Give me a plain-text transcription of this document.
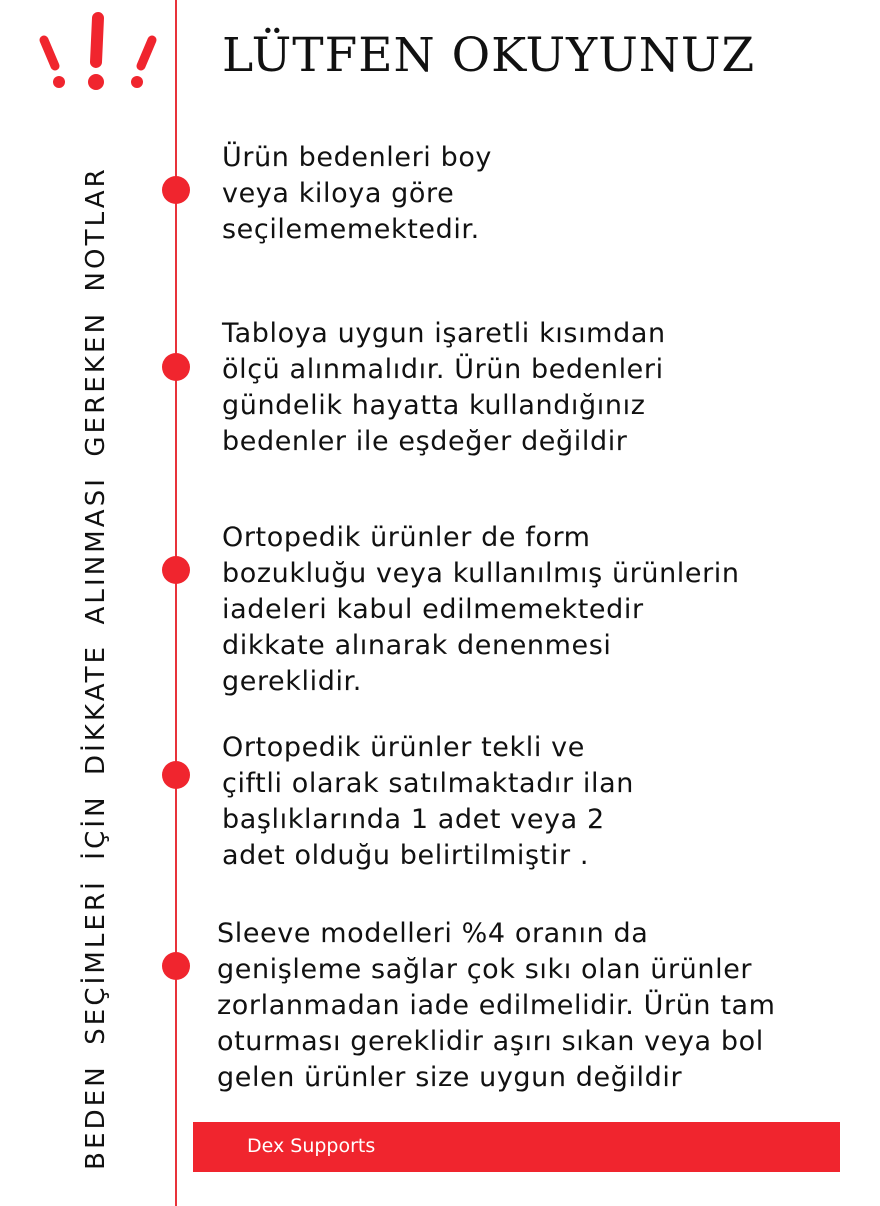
LÜTFEN OKUYUNUZ

Ürün bedenleri boy
veya kiloya göre
seçilememektedir.

Tabloya uygun işaretli kısımdan
ölçü alınmalıdır. Ürün bedenleri
gündelik hayatta kullandığınız
bedenler ile eşdeğer değildir

Ortopedik ürünler de form
bozukluğu veya kullanılmış ürünlerin
iadeleri kabul edilmemektedir
dikkate alınarak denenmesi
gereklidir.

Ortopedik ürünler tekli ve
çiftli olarak satılmaktadır ilan
başlıklarında 1 adet veya 2
adet olduğu belirtilmiştir .

Sleeve modelleri %4 oranın da
genişleme sağlar çok sıkı olan ürünler
zorlanmadan iade edilmelidir. Ürün tam
oturması gereklidir aşırı sıkan veya bol
gelen ürünler size uygun değildir

BEDEN SEÇİMLERİ İÇİN DİKKATE ALINMASI GEREKEN NOTLAR	Dex Supports
